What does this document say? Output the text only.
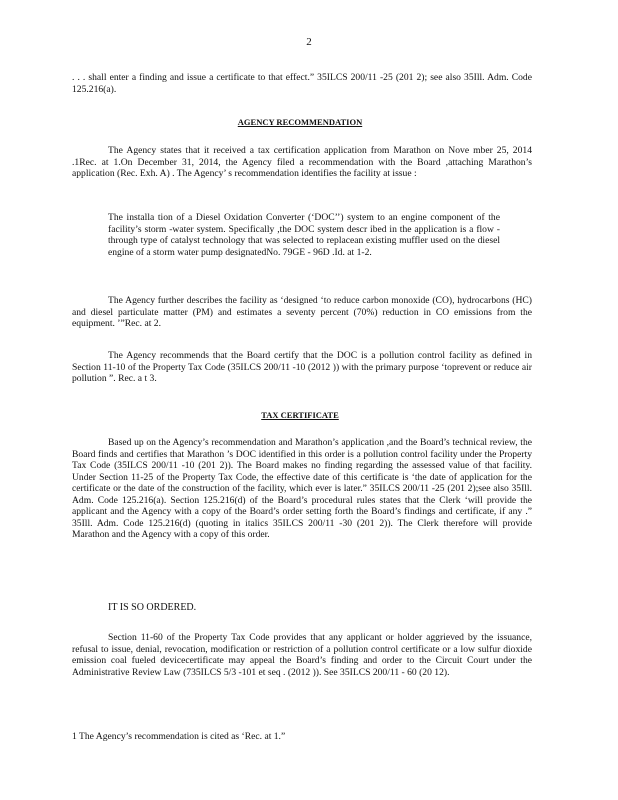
2

. . . shall enter a finding and issue a certificate to that effect.” 35ILCS 200/11 -25 (201 2); see also 35Ill. Adm. Code 125.216(a).

AGENCY RECOMMENDATION

The Agency states that it received a tax certification application from Marathon on Nove mber 25, 2014 .1Rec. at 1.On December 31, 2014, the Agency filed a recommendation with the Board ,attaching Marathon’s application (Rec. Exh. A) . The Agency’ s recommendation identifies the facility at issue :

The installa tion of a Diesel Oxidation Converter (‘DOC’’) system to an engine component of the facility’s storm -water system. Specifically ,the DOC system descr ibed in the application is a flow - through type of catalyst technology that was selected to replacean existing muffler used on the diesel engine of a storm water pump designatedNo. 79GE - 96D .Id. at 1-2.

The Agency further describes the facility as ‘designed ‘to reduce carbon monoxide (CO), hydrocarbons (HC) and diesel particulate matter (PM) and estimates a seventy percent (70%) reduction in CO emissions from the equipment. ’”Rec. at 2.

The Agency recommends that the Board certify that the DOC is a pollution control facility as defined in Section 11-10 of the Property Tax Code (35ILCS 200/11 -10 (2012 )) with the primary purpose ‘toprevent or reduce air pollution ”. Rec. a t 3.

TAX CERTIFICATE

Based up on the Agency’s recommendation and Marathon’s application ,and the Board’s technical review, the Board finds and certifies that Marathon ’s DOC identified in this order is a pollution control facility under the Property Tax Code (35ILCS 200/11 -10 (201 2)). The Board makes no finding regarding the assessed value of that facility. Under Section 11-25 of the Property Tax Code, the effective date of this certificate is ‘the date of application for the certificate or the date of the construction of the facility, which ever is later.” 35ILCS 200/11 -25 (201 2);see also 35Ill. Adm. Code 125.216(a). Section 125.216(d) of the Board’s procedural rules states that the Clerk ‘will provide the applicant and the Agency with a copy of the Board’s order setting forth the Board’s findings and certificate, if any .” 35Ill. Adm. Code 125.216(d) (quoting in italics 35ILCS 200/11 -30 (201 2)). The Clerk therefore will provide Marathon and the Agency with a copy of this order.

IT IS SO ORDERED.

Section 11-60 of the Property Tax Code provides that any applicant or holder aggrieved by the issuance, refusal to issue, denial, revocation, modification or restriction of a pollution control certificate or a low sulfur dioxide emission coal fueled devicecertificate may appeal the Board’s finding and order to the Circuit Court under the Administrative Review Law (735ILCS 5/3 -101 et seq . (2012 )). See 35ILCS 200/11 - 60 (20 12).

1 The Agency’s recommendation is cited as ‘Rec. at 1.”
